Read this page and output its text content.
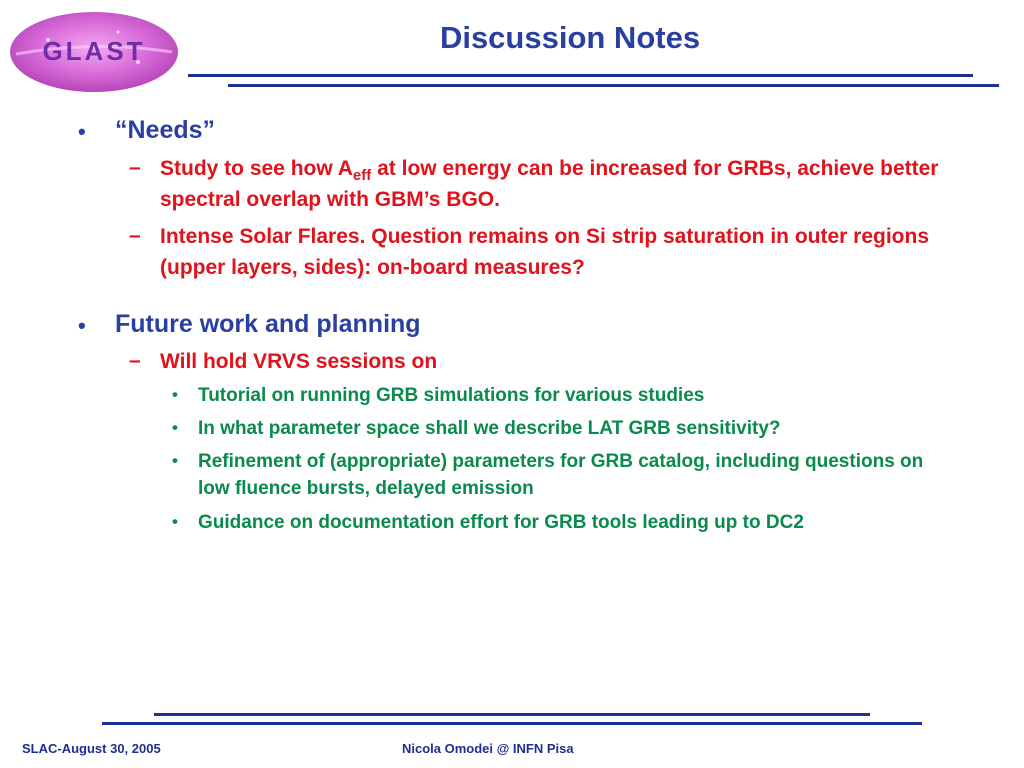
GLAST	Discussion Notes
• “Needs”
– Study to see how $A_{eff}$ at low energy can be increased for GRBs, achieve better spectral overlap with GBM’s BGO.
– Intense Solar Flares. Question remains on Si strip saturation in outer regions (upper layers, sides): on-board measures?
• Future work and planning
– Will hold VRVS sessions on
• Tutorial on running GRB simulations for various studies
• In what parameter space shall we describe LAT GRB sensitivity?
• Refinement of (appropriate) parameters for GRB catalog, including questions on low fluence bursts, delayed emission
• Guidance on documentation effort for GRB tools leading up to DC2
SLAC-August 30, 2005	Nicola Omodei @ INFN Pisa
